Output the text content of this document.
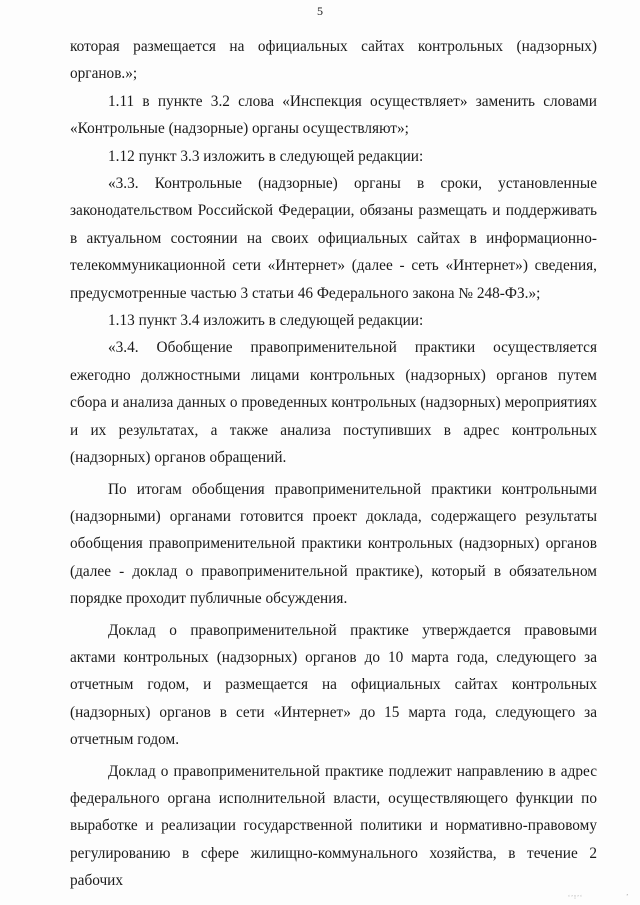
5

которая размещается на официальных сайтах контрольных (надзорных) органов.»;

1.11 в пункте 3.2 слова «Инспекция осуществляет» заменить словами «Контрольные (надзорные) органы осуществляют»;

1.12 пункт 3.3 изложить в следующей редакции:

«3.3. Контрольные (надзорные) органы в сроки, установленные законодательством Российской Федерации, обязаны размещать и поддерживать в актуальном состоянии на своих официальных сайтах в информационно-телекоммуникационной сети «Интернет» (далее - сеть «Интернет») сведения, предусмотренные частью 3 статьи 46 Федерального закона № 248-ФЗ.»;

1.13 пункт 3.4 изложить в следующей редакции:

«3.4. Обобщение правоприменительной практики осуществляется ежегодно должностными лицами контрольных (надзорных) органов путем сбора и анализа данных о проведенных контрольных (надзорных) мероприятиях и их результатах, а также анализа поступивших в адрес контрольных (надзорных) органов обращений.

По итогам обобщения правоприменительной практики контрольными (надзорными) органами готовится проект доклада, содержащего результаты обобщения правоприменительной практики контрольных (надзорных) органов (далее - доклад о правоприменительной практике), который в обязательном порядке проходит публичные обсуждения.

Доклад о правоприменительной практике утверждается правовыми актами контрольных (надзорных) органов до 10 марта года, следующего за отчетным годом, и размещается на официальных сайтах контрольных (надзорных) органов в сети «Интернет» до 15 марта года, следующего за отчетным годом.

Доклад о правоприменительной практике подлежит направлению в адрес федерального органа исполнительной власти, осуществляющего функции по выработке и реализации государственной политики и нормативно-правовому регулированию в сфере жилищно-коммунального хозяйства, в течение 2 рабочих

‘’!’‘	’
